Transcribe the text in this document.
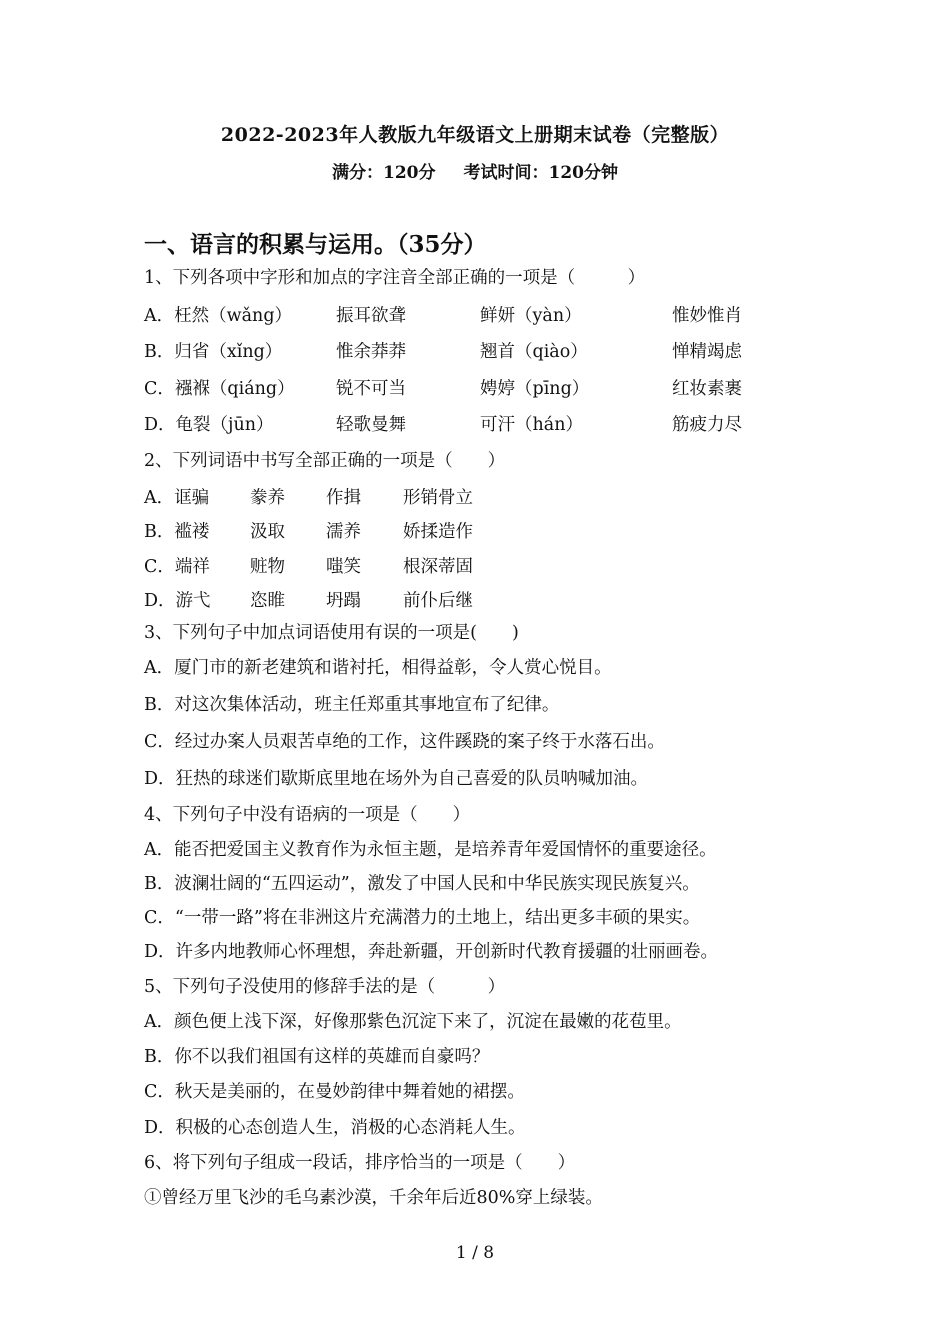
2022-2023年人教版九年级语文上册期末试卷（完整版）
满分：120分 考试时间：120分钟
一、语言的积累与运用。（35分）
1、下列各项中字形和加点的字注音全部正确的一项是（　　　）
A．枉然（wǎng）	振耳欲聋	鲜妍（yàn）	惟妙惟肖
B．归省（xǐng）	惟余莽莽	翘首（qiào）	惮精竭虑
C．襁褓（qiáng） 锐不可当	娉婷（pīng）	红妆素裹
D．龟裂（jūn）	轻歌曼舞	可汗（hán）	筋疲力尽
2、下列词语中书写全部正确的一项是（　　）
A．诓骗 豢养 作揖 形销骨立
B．褴褛 汲取 濡养 娇揉造作
C．端祥 赃物 嗤笑 根深蒂固
D．游弋 恣睢 坍蹋 前仆后继
3、下列句子中加点词语使用有误的一项是(　　)
A．厦门市的新老建筑和谐衬托，相得益彰，令人赏心悦目。
B．对这次集体活动，班主任郑重其事地宣布了纪律。
C．经过办案人员艰苦卓绝的工作，这件蹊跷的案子终于水落石出。
D．狂热的球迷们歇斯底里地在场外为自己喜爱的队员呐喊加油。
4、下列句子中没有语病的一项是（　　）
A．能否把爱国主义教育作为永恒主题，是培养青年爱国情怀的重要途径。
B．波澜壮阔的“五四运动”，激发了中国人民和中华民族实现民族复兴。
C．“一带一路”将在非洲这片充满潜力的土地上，结出更多丰硕的果实。
D．许多内地教师心怀理想，奔赴新疆，开创新时代教育援疆的壮丽画卷。
5、下列句子没使用的修辞手法的是（　　　）
A．颜色便上浅下深，好像那紫色沉淀下来了，沉淀在最嫩的花苞里。
B．你不以我们祖国有这样的英雄而自豪吗？
C．秋天是美丽的，在曼妙韵律中舞着她的裙摆。
D．积极的心态创造人生，消极的心态消耗人生。
6、将下列句子组成一段话，排序恰当的一项是（　　）
①曾经万里飞沙的毛乌素沙漠，千余年后近80%穿上绿装。
1 / 8
